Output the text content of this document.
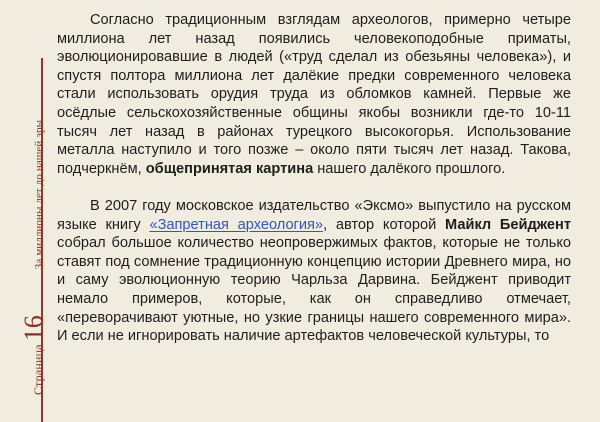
Страница
16
За миллионы лет до нашей эры

Согласно традиционным взглядам археологов, примерно четыре миллиона лет назад появились человекоподобные приматы, эволюционировавшие в людей («труд сделал из обезьяны человека»), и спустя полтора миллиона лет далёкие предки современного человека стали использовать орудия труда из обломков камней. Первые же осёдлые сельскохозяйственные общины якобы возникли где-то 10-11 тысяч лет назад в районах турецкого высокогорья. Использование металла наступило и того позже – около пяти тысяч лет назад. Такова, подчеркнём, общепринятая картина нашего далёкого прошлого.

В 2007 году московское издательство «Эксмо» выпустило на русском языке книгу «Запретная археология», автор которой Майкл Бейджент собрал большое количество неопровержимых фактов, которые не только ставят под сомнение традиционную концепцию истории Древнего мира, но и саму эволюционную теорию Чарльза Дарвина. Бейджент приводит немало примеров, которые, как он справедливо отмечает, «переворачивают уютные, но узкие границы нашего современного мира». И если не игнорировать наличие артефактов человеческой культуры, то
